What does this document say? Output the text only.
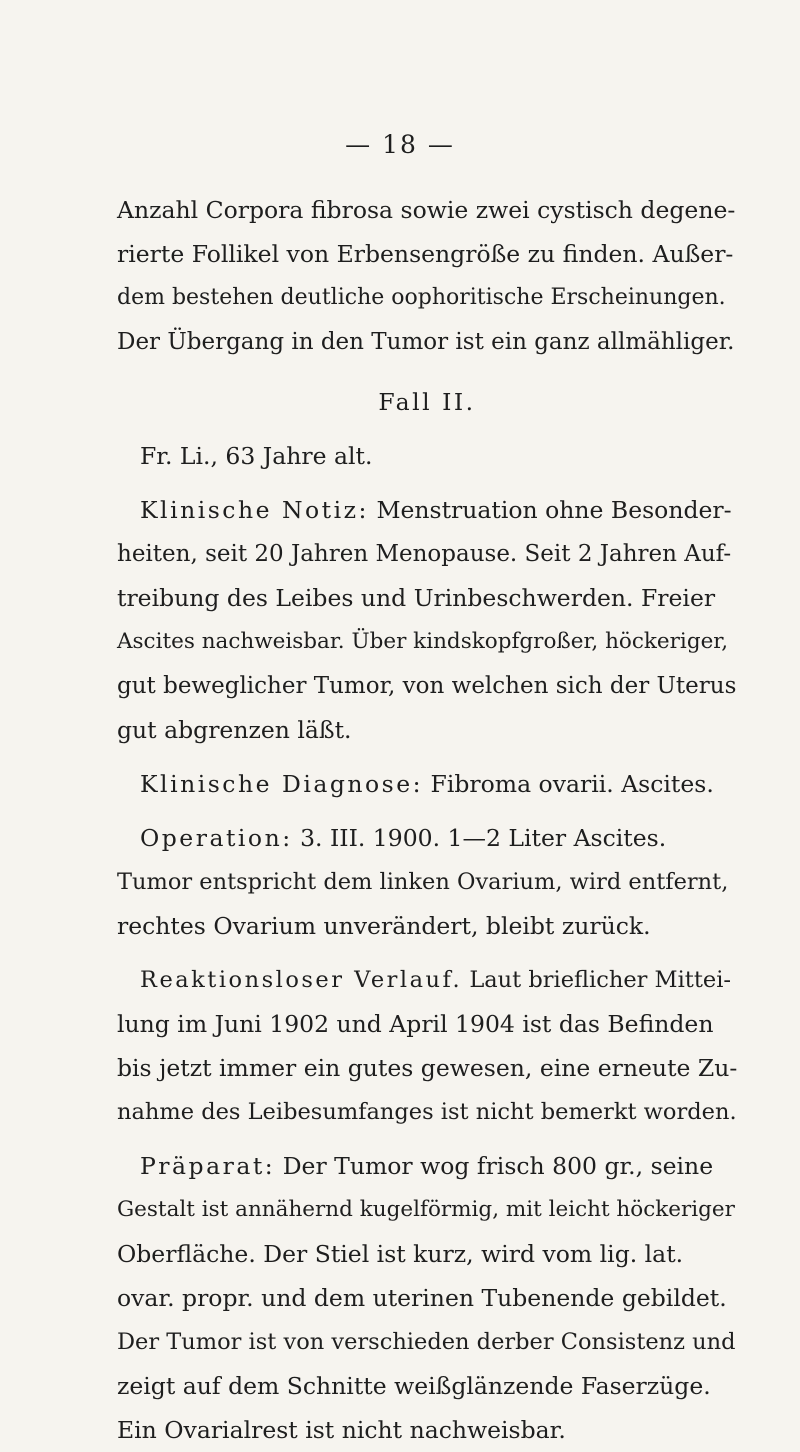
— 18 —
Anzahl Corpora fibrosa sowie zwei cystisch degene-
rierte Follikel von Erbensengröße zu finden. Außer-
dem bestehen deutliche oophoritische Erscheinungen.
Der Übergang in den Tumor ist ein ganz allmähliger.
Fall II.
Fr. Li., 63 Jahre alt.
Klinische Notiz: Menstruation ohne Besonder-
heiten, seit 20 Jahren Menopause. Seit 2 Jahren Auf-
treibung des Leibes und Urinbeschwerden. Freier
Ascites nachweisbar. Über kindskopfgroßer, höckeriger,
gut beweglicher Tumor, von welchen sich der Uterus
gut abgrenzen läßt.
Klinische Diagnose: Fibroma ovarii. Ascites.
Operation: 3. III. 1900. 1—2 Liter Ascites.
Tumor entspricht dem linken Ovarium, wird entfernt,
rechtes Ovarium unverändert, bleibt zurück.
Reaktionsloser Verlauf. Laut brieflicher Mittei-
lung im Juni 1902 und April 1904 ist das Befinden
bis jetzt immer ein gutes gewesen, eine erneute Zu-
nahme des Leibesumfanges ist nicht bemerkt worden.
Präparat: Der Tumor wog frisch 800 gr., seine
Gestalt ist annähernd kugelförmig, mit leicht höckeriger
Oberfläche. Der Stiel ist kurz, wird vom lig. lat.
ovar. propr. und dem uterinen Tubenende gebildet.
Der Tumor ist von verschieden derber Consistenz und
zeigt auf dem Schnitte weißglänzende Faserzüge.
Ein Ovarialrest ist nicht nachweisbar.
